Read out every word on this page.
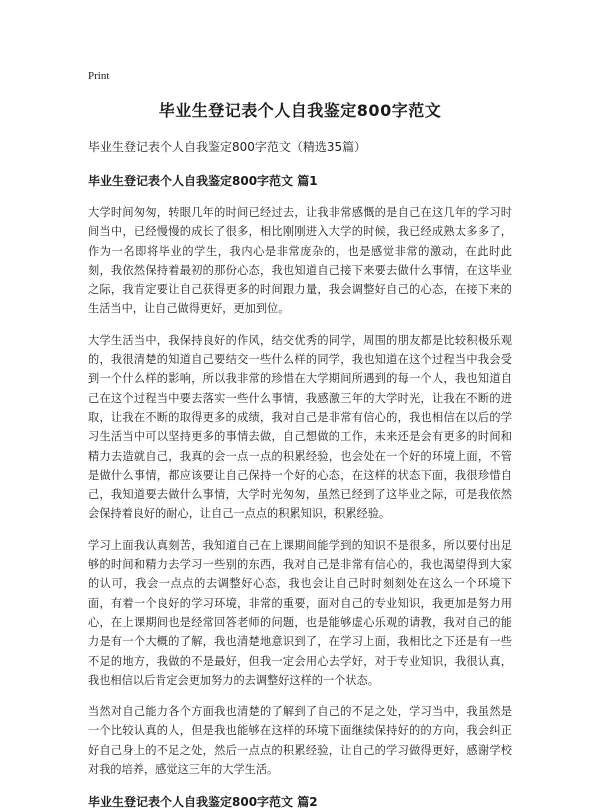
Print
毕业生登记表个人自我鉴定800字范文
毕业生登记表个人自我鉴定800字范文（精选35篇）
毕业生登记表个人自我鉴定800字范文 篇1

大学时间匆匆，转眼几年的时间已经过去，让我非常感慨的是自己在这几年的学习时间当中，已经慢慢的成长了很多，相比刚刚进入大学的时候，我已经成熟太多多了，作为一名即将毕业的学生，我内心是非常庞杂的，也是感觉非常的激动，在此时此刻，我依然保持着最初的那份心态，我也知道自己接下来要去做什么事情，在这毕业之际，我肯定要让自己获得更多的时间跟力量，我会调整好自己的心态，在接下来的生活当中，让自己做得更好，更加到位。

大学生活当中，我保持良好的作风，结交优秀的同学，周围的朋友都是比较积极乐观的，我很清楚的知道自己要结交一些什么样的同学，我也知道在这个过程当中我会受到一个什么样的影响，所以我非常的珍惜在大学期间所遇到的每一个人，我也知道自己在这个过程当中要去落实一些什么事情，我感激三年的大学时光，让我在不断的进取，让我在不断的取得更多的成绩，我对自己是非常有信心的，我也相信在以后的学习生活当中可以坚持更多的事情去做，自己想做的工作，未来还是会有更多的时间和精力去造就自己，我真的会一点一点的积累经验，也会处在一个好的环境上面，不管是做什么事情，都应该要让自己保持一个好的心态，在这样的状态下面，我很珍惜自己，我知道要去做什么事情，大学时光匆匆，虽然已经到了这毕业之际，可是我依然会保持着良好的耐心，让自己一点点的积累知识，积累经验。

学习上面我认真刻苦，我知道自己在上课期间能学到的知识不是很多，所以要付出足够的时间和精力去学习一些别的东西，我对自己是非常有信心的，我也渴望得到大家的认可，我会一点点的去调整好心态，我也会让自己时时刻刻处在这么一个环境下面，有着一个良好的学习环境，非常的重要，面对自己的专业知识，我更加是努力用心，在上课期间也是经常回答老师的问题，也是能够虚心乐观的请教，我对自己的能力是有一个大概的了解，我也清楚地意识到了，在学习上面，我相比之下还是有一些不足的地方，我做的不是最好，但我一定会用心去学好，对于专业知识，我很认真，我也相信以后肯定会更加努力的去调整好这样的一个状态。

当然对自己能力各个方面我也清楚的了解到了自己的不足之处，学习当中，我虽然是一个比较认真的人，但是我也能够在这样的环境下面继续保持好的的方向，我会纠正好自己身上的不足之处，然后一点点的积累经验，让自己的学习做得更好，感谢学校对我的培养，感觉这三年的大学生活。

毕业生登记表个人自我鉴定800字范文 篇2
